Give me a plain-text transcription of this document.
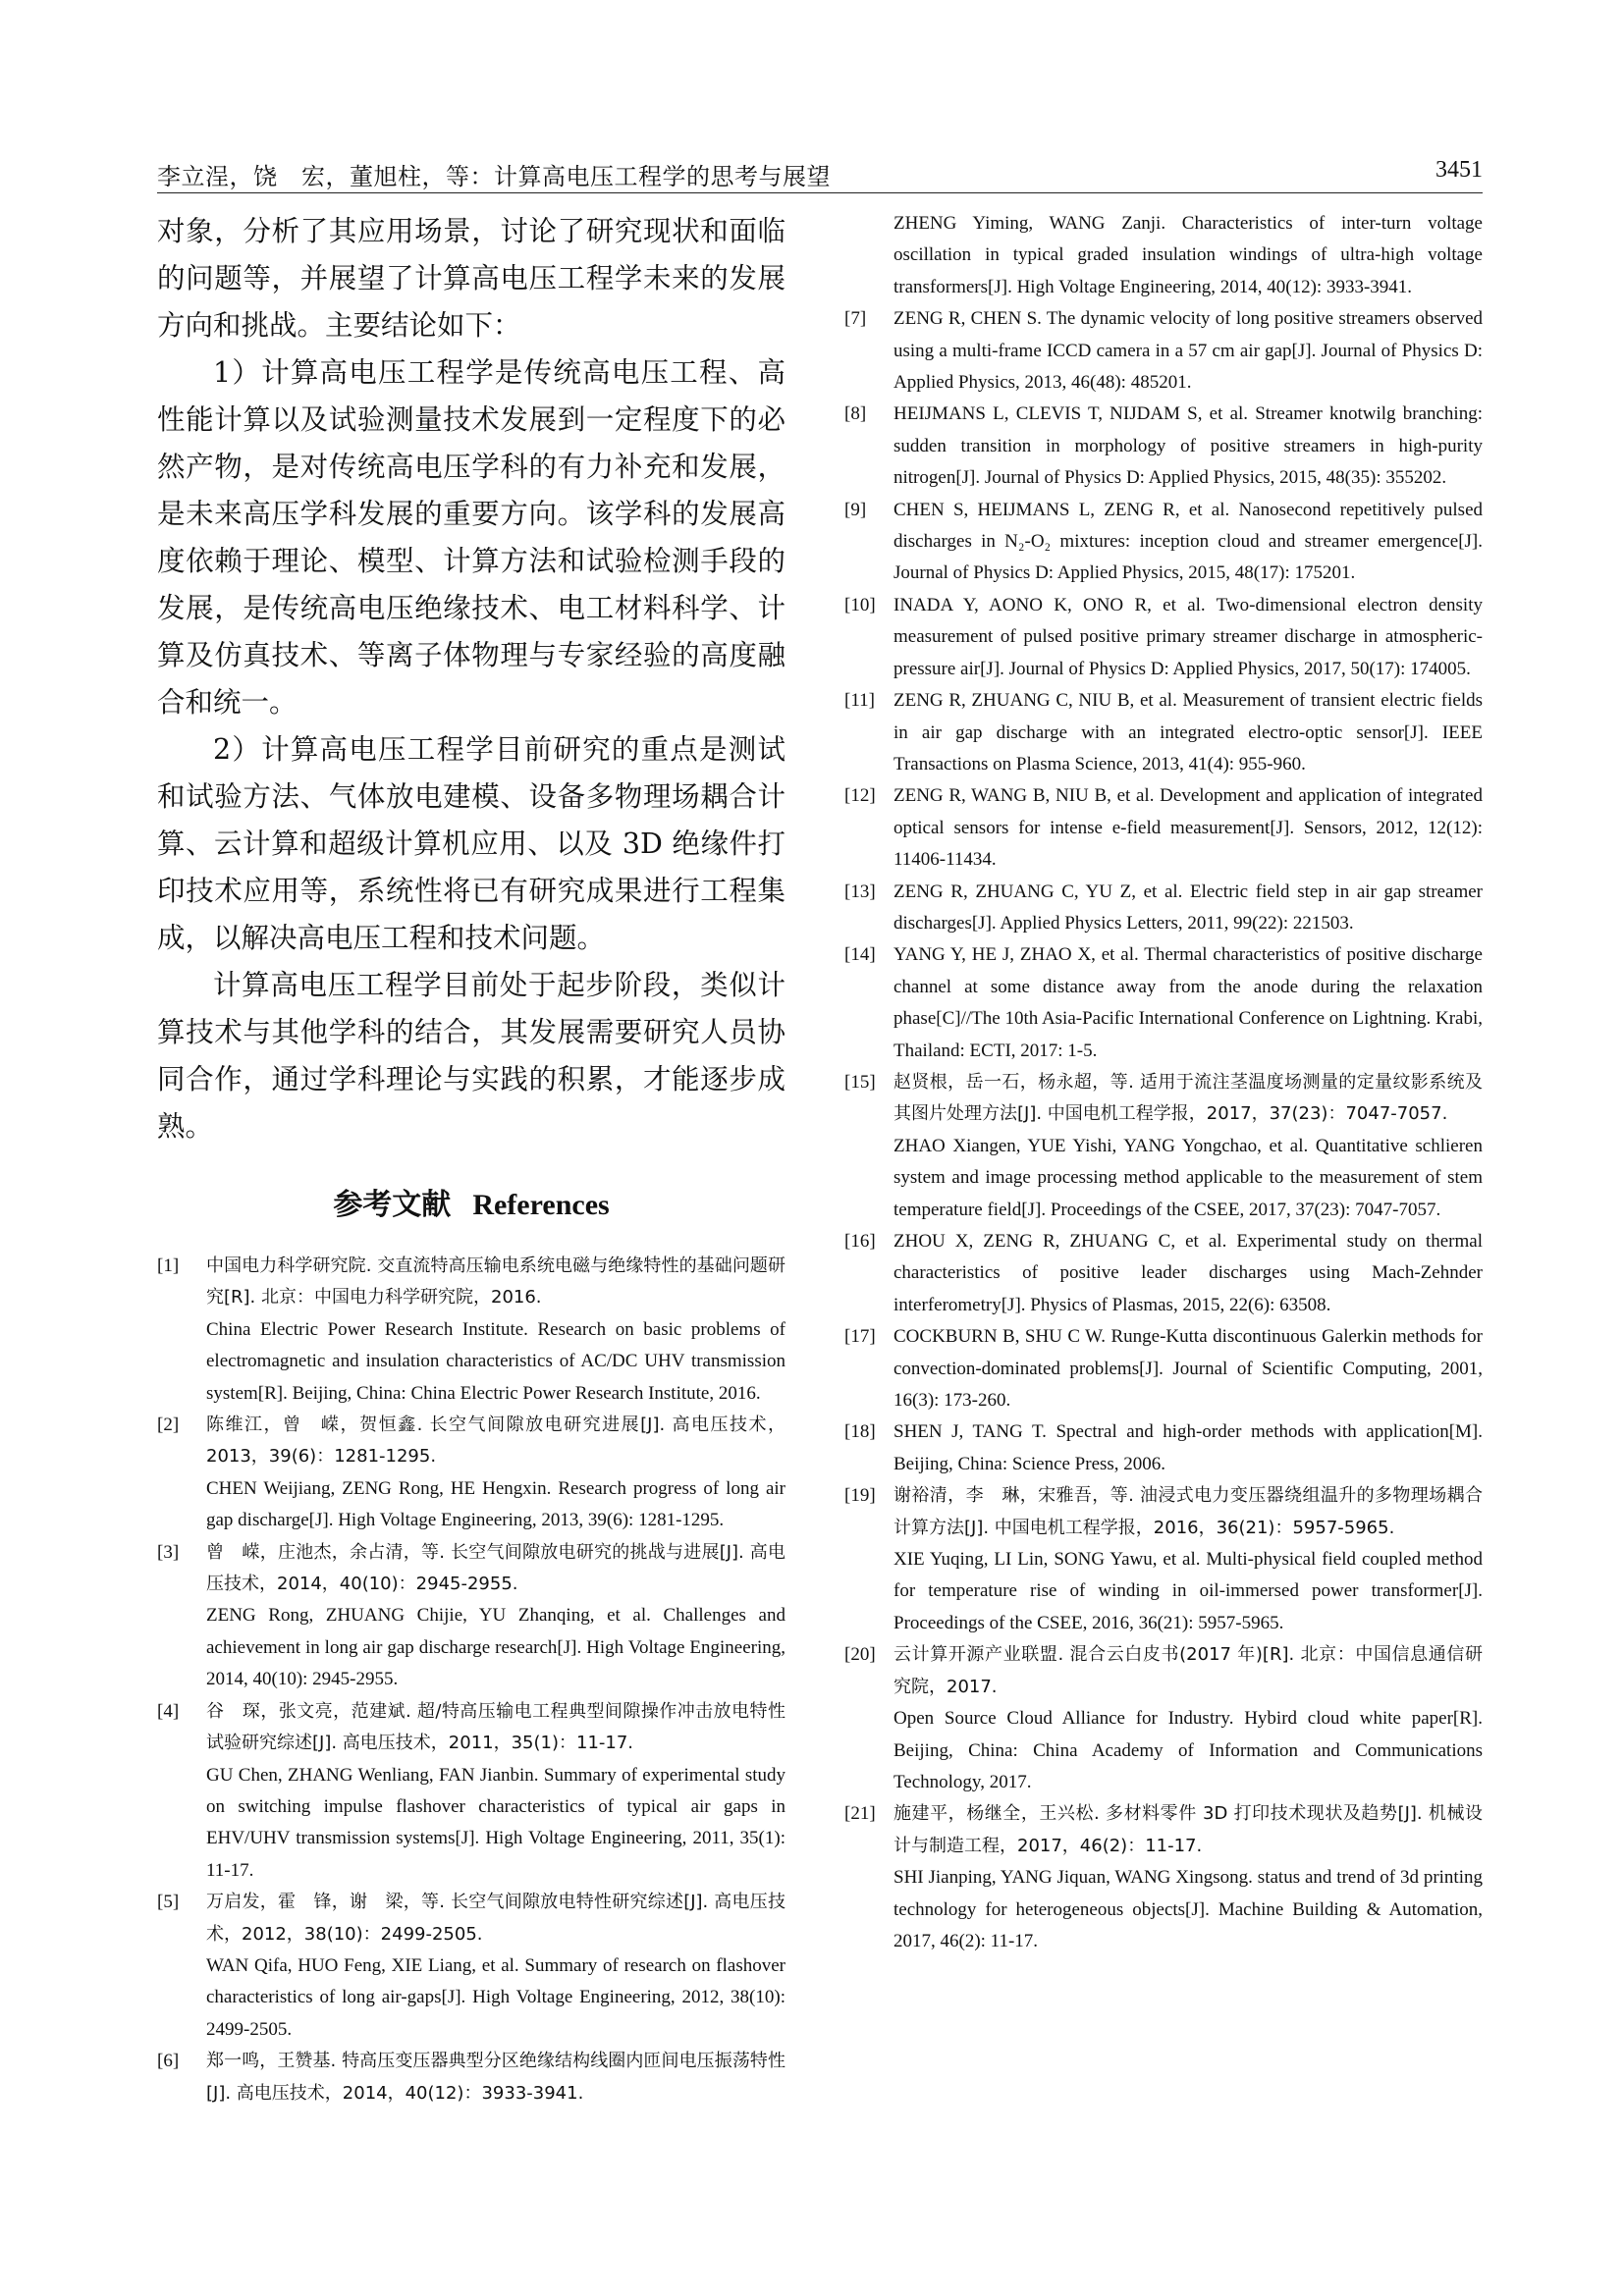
李立浧，饶　宏，董旭柱，等：计算高电压工程学的思考与展望	3451

对象，分析了其应用场景，讨论了研究现状和面临的问题等，并展望了计算高电压工程学未来的发展方向和挑战。主要结论如下：

1）计算高电压工程学是传统高电压工程、高性能计算以及试验测量技术发展到一定程度下的必然产物，是对传统高电压学科的有力补充和发展，是未来高压学科发展的重要方向。该学科的发展高度依赖于理论、模型、计算方法和试验检测手段的发展，是传统高电压绝缘技术、电工材料科学、计算及仿真技术、等离子体物理与专家经验的高度融合和统一。

2）计算高电压工程学目前研究的重点是测试和试验方法、气体放电建模、设备多物理场耦合计算、云计算和超级计算机应用、以及 3D 绝缘件打印技术应用等，系统性将已有研究成果进行工程集成，以解决高电压工程和技术问题。

计算高电压工程学目前处于起步阶段，类似计算技术与其他学科的结合，其发展需要研究人员协同合作，通过学科理论与实践的积累，才能逐步成熟。

参考文献 References
[1] 中国电力科学研究院. 交直流特高压输电系统电磁与绝缘特性的基础问题研究[R]. 北京：中国电力科学研究院，2016.
China Electric Power Research Institute. Research on basic problems of electromagnetic and insulation characteristics of AC/DC UHV transmission system[R]. Beijing, China: China Electric Power Research Institute, 2016.
[2] 陈维江，曾　嵘，贺恒鑫. 长空气间隙放电研究进展[J]. 高电压技术，2013，39(6)：1281-1295.
CHEN Weijiang, ZENG Rong, HE Hengxin. Research progress of long air gap discharge[J]. High Voltage Engineering, 2013, 39(6): 1281-1295.
[3] 曾　嵘，庄池杰，余占清，等. 长空气间隙放电研究的挑战与进展[J]. 高电压技术，2014，40(10)：2945-2955.
ZENG Rong, ZHUANG Chijie, YU Zhanqing, et al. Challenges and achievement in long air gap discharge research[J]. High Voltage Engineering, 2014, 40(10): 2945-2955.
[4] 谷　琛，张文亮，范建斌. 超/特高压输电工程典型间隙操作冲击放电特性试验研究综述[J]. 高电压技术，2011，35(1)：11-17.
GU Chen, ZHANG Wenliang, FAN Jianbin. Summary of experimental study on switching impulse flashover characteristics of typical air gaps in EHV/UHV transmission systems[J]. High Voltage Engineering, 2011, 35(1): 11-17.
[5] 万启发，霍　锋，谢　梁，等. 长空气间隙放电特性研究综述[J]. 高电压技术，2012，38(10)：2499-2505.
WAN Qifa, HUO Feng, XIE Liang, et al. Summary of research on flashover characteristics of long air-gaps[J]. High Voltage Engineering, 2012, 38(10): 2499-2505.
[6] 郑一鸣，王赞基. 特高压变压器典型分区绝缘结构线圈内匝间电压振荡特性[J]. 高电压技术，2014，40(12)：3933-3941.
ZHENG Yiming, WANG Zanji. Characteristics of inter-turn voltage oscillation in typical graded insulation windings of ultra-high voltage transformers[J]. High Voltage Engineering, 2014, 40(12): 3933-3941.
[7] ZENG R, CHEN S. The dynamic velocity of long positive streamers observed using a multi-frame ICCD camera in a 57 cm air gap[J]. Journal of Physics D: Applied Physics, 2013, 46(48): 485201.
[8] HEIJMANS L, CLEVIS T, NIJDAM S, et al. Streamer knotwilg branching: sudden transition in morphology of positive streamers in high-purity nitrogen[J]. Journal of Physics D: Applied Physics, 2015, 48(35): 355202.
[9] CHEN S, HEIJMANS L, ZENG R, et al. Nanosecond repetitively pulsed discharges in N₂-O₂ mixtures: inception cloud and streamer emergence[J]. Journal of Physics D: Applied Physics, 2015, 48(17): 175201.
[10] INADA Y, AONO K, ONO R, et al. Two-dimensional electron density measurement of pulsed positive primary streamer discharge in atmospheric-pressure air[J]. Journal of Physics D: Applied Physics, 2017, 50(17): 174005.
[11] ZENG R, ZHUANG C, NIU B, et al. Measurement of transient electric fields in air gap discharge with an integrated electro-optic sensor[J]. IEEE Transactions on Plasma Science, 2013, 41(4): 955-960.
[12] ZENG R, WANG B, NIU B, et al. Development and application of integrated optical sensors for intense e-field measurement[J]. Sensors, 2012, 12(12): 11406-11434.
[13] ZENG R, ZHUANG C, YU Z, et al. Electric field step in air gap streamer discharges[J]. Applied Physics Letters, 2011, 99(22): 221503.
[14] YANG Y, HE J, ZHAO X, et al. Thermal characteristics of positive discharge channel at some distance away from the anode during the relaxation phase[C]//The 10th Asia-Pacific International Conference on Lightning. Krabi, Thailand: ECTI, 2017: 1-5.
[15] 赵贤根，岳一石，杨永超，等. 适用于流注茎温度场测量的定量纹影系统及其图片处理方法[J]. 中国电机工程学报，2017，37(23)：7047-7057.
ZHAO Xiangen, YUE Yishi, YANG Yongchao, et al. Quantitative schlieren system and image processing method applicable to the measurement of stem temperature field[J]. Proceedings of the CSEE, 2017, 37(23): 7047-7057.
[16] ZHOU X, ZENG R, ZHUANG C, et al. Experimental study on thermal characteristics of positive leader discharges using Mach-Zehnder interferometry[J]. Physics of Plasmas, 2015, 22(6): 63508.
[17] COCKBURN B, SHU C W. Runge-Kutta discontinuous Galerkin methods for convection-dominated problems[J]. Journal of Scientific Computing, 2001, 16(3): 173-260.
[18] SHEN J, TANG T. Spectral and high-order methods with application[M]. Beijing, China: Science Press, 2006.
[19] 谢裕清，李　琳，宋雅吾，等. 油浸式电力变压器绕组温升的多物理场耦合计算方法[J]. 中国电机工程学报，2016，36(21)：5957-5965.
XIE Yuqing, LI Lin, SONG Yawu, et al. Multi-physical field coupled method for temperature rise of winding in oil-immersed power transformer[J]. Proceedings of the CSEE, 2016, 36(21): 5957-5965.
[20] 云计算开源产业联盟. 混合云白皮书(2017 年)[R]. 北京：中国信息通信研究院，2017.
Open Source Cloud Alliance for Industry. Hybird cloud white paper[R]. Beijing, China: China Academy of Information and Communications Technology, 2017.
[21] 施建平，杨继全，王兴松. 多材料零件 3D 打印技术现状及趋势[J]. 机械设计与制造工程，2017，46(2)：11-17.
SHI Jianping, YANG Jiquan, WANG Xingsong. status and trend of 3d printing technology for heterogeneous objects[J]. Machine Building & Automation, 2017, 46(2): 11-17.
